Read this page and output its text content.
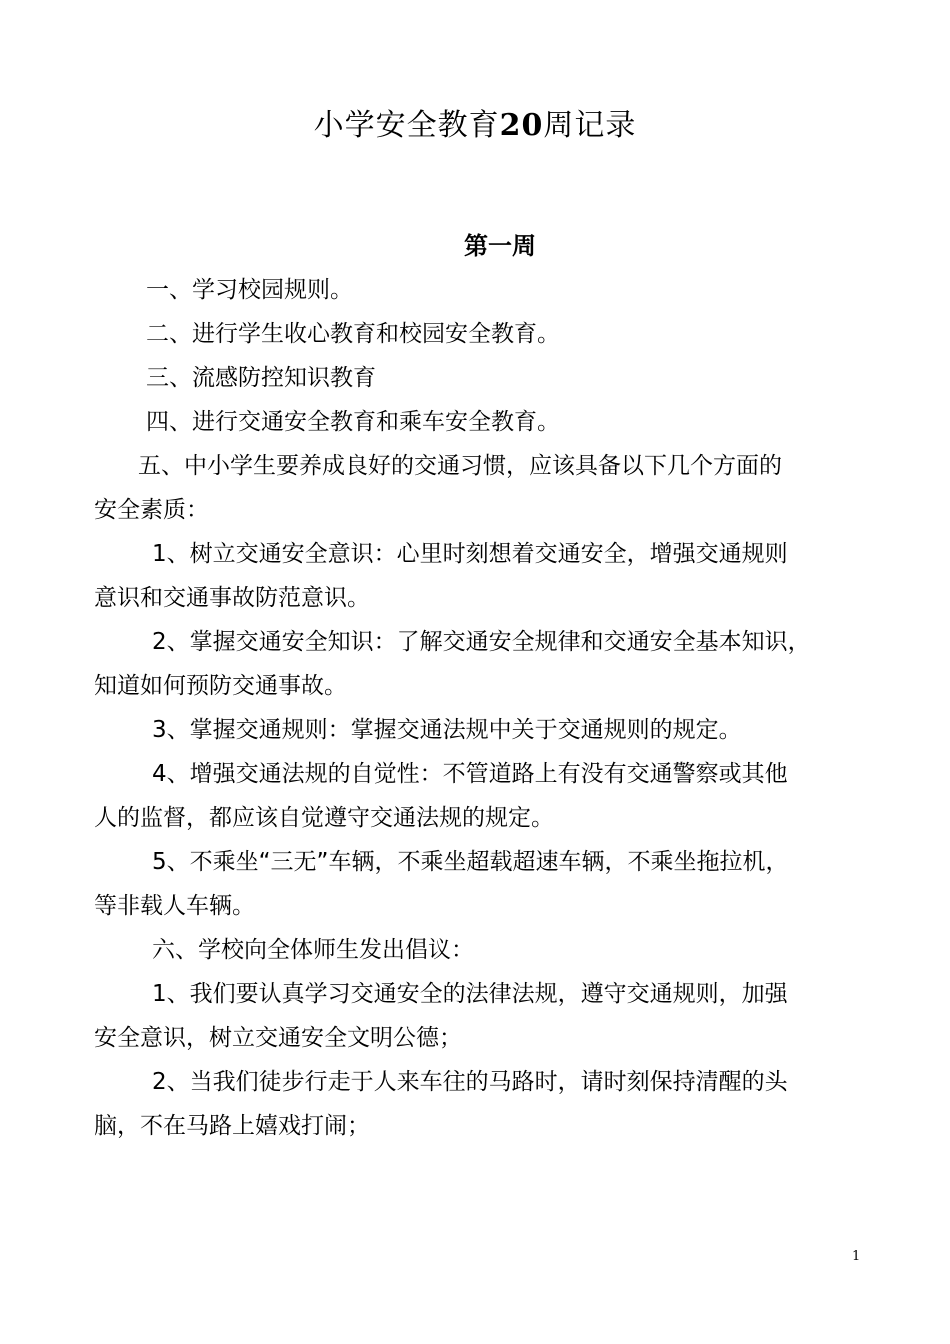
小学安全教育20周记录
第一周

一、学习校园规则。

二、进行学生收心教育和校园安全教育。

三、流感防控知识教育

四、进行交通安全教育和乘车安全教育。

五、中小学生要养成良好的交通习惯，应该具备以下几个方面的

安全素质：

1、树立交通安全意识：心里时刻想着交通安全，增强交通规则

意识和交通事故防范意识。

2、掌握交通安全知识：了解交通安全规律和交通安全基本知识，

知道如何预防交通事故。

3、掌握交通规则：掌握交通法规中关于交通规则的规定。

4、增强交通法规的自觉性：不管道路上有没有交通警察或其他

人的监督，都应该自觉遵守交通法规的规定。

5、不乘坐“三无”车辆，不乘坐超载超速车辆，不乘坐拖拉机，

等非载人车辆。

六、学校向全体师生发出倡议：

1、我们要认真学习交通安全的法律法规，遵守交通规则，加强

安全意识，树立交通安全文明公德；

2、当我们徒步行走于人来车往的马路时，请时刻保持清醒的头

脑，不在马路上嬉戏打闹；

1
